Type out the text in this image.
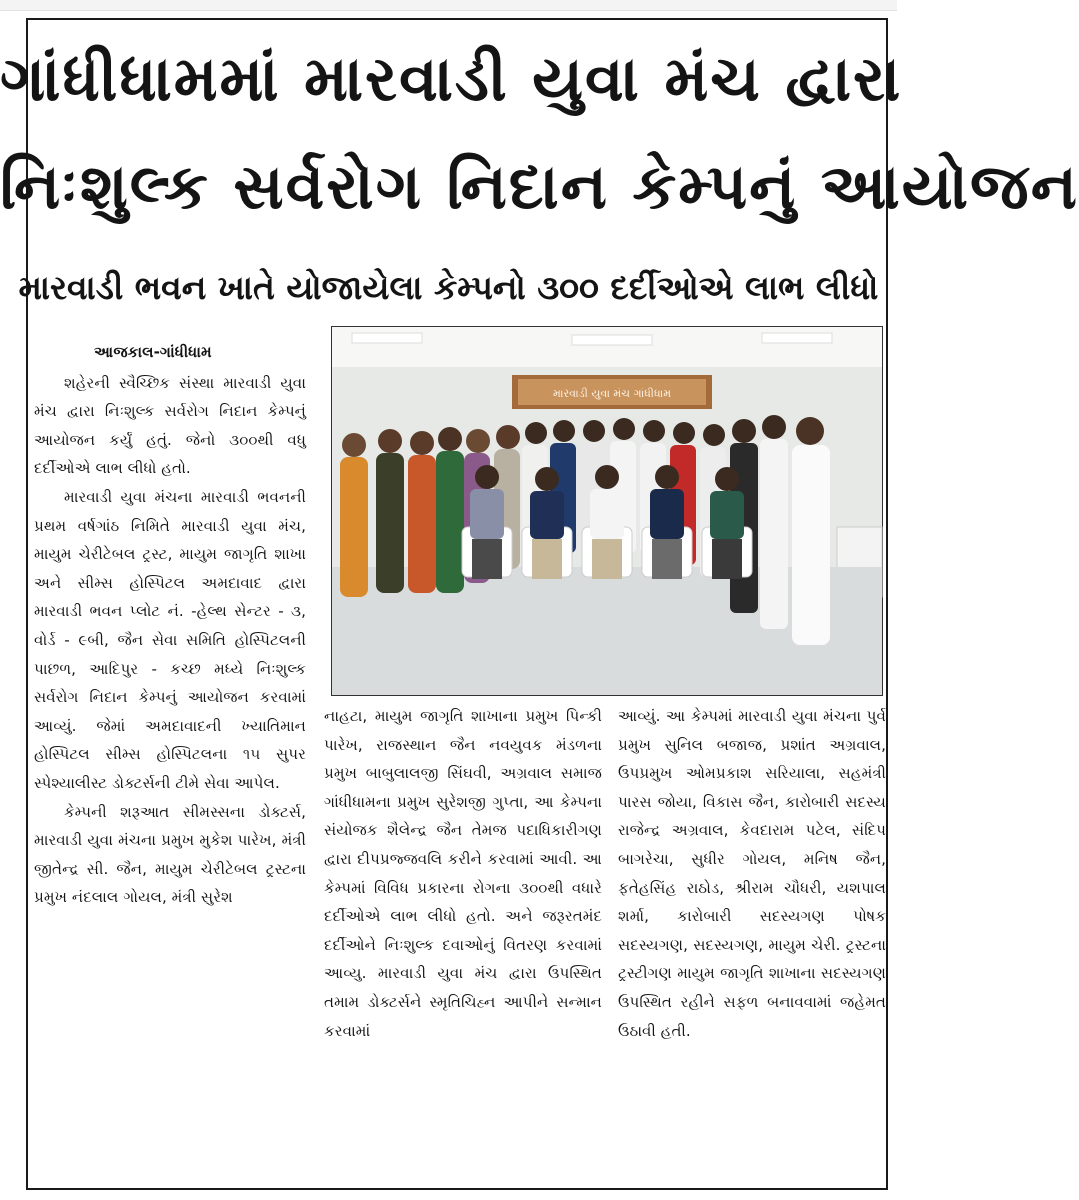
ગાંધીધામમાં મારવાડી યુવા મંચ દ્વારા
નિઃશુલ્ક સર્વરોગ નિદાન કેમ્પનું આયોજન
મારવાડી ભવન ખાતે યોજાયેલા કેમ્પનો ૩૦૦ દર્દીઓએ લાભ લીધો
આજકાલ-ગાંધીધામ

શહેરની સ્વૈચ્છિક સંસ્થા મારવાડી યુવા મંચ દ્વારા નિઃશુલ્ક સર્વરોગ નિદાન કેમ્પનું આયોજન કર્યું હતું. જેનો ૩૦૦થી વધુ દર્દીઓએ લાભ લીધો હતો.

મારવાડી યુવા મંચના મારવાડી ભવનની પ્રથમ વર્ષગાંઠ નિમિતે મારવાડી યુવા મંચ, માયુમ ચેરીટેબલ ટ્રસ્ટ, માયુમ જાગૃતિ શાખા અને સીમ્સ હોસ્પિટલ અમદાવાદ દ્વારા મારવાડી ભવન પ્લોટ નં. -હેલ્થ સેન્ટર - ૩, વોર્ડ - ૯બી, જૈન સેવા સમિતિ હોસ્પિટલની પાછળ, આદિપુર - કચ્છ મધ્યે નિઃશુલ્ક સર્વરોગ નિદાન કેમ્પનું આયોજન કરવામાં આવ્યું. જેમાં અમદાવાદની ખ્યાતિમાન હોસ્પિટલ સીમ્સ હોસ્પિટલના ૧૫ સુપર સ્પેશ્યાલીસ્ટ ડોક્ટર્સની ટીમે સેવા આપેલ.

કેમ્પની શરૂઆત સીમસ્સના ડોક્ટર્સ, મારવાડી યુવા મંચના પ્રમુખ મુકેશ પારેખ, મંત્રી જીતેન્દ્ર સી. જૈન, માયુમ ચેરીટેબલ ટ્રસ્ટના પ્રમુખ નંદલાલ ગોયલ, મંત્રી સુરેશ

મારવાડી યુવા મંચ ગાંધીધામ
નાહટા, માયુમ જાગૃતિ શાખાના પ્રમુખ પિન્કી પારેખ, રાજસ્થાન જૈન નવયુવક મંડળના પ્રમુખ બાબુલાલજી સિંઘવી, અગ્રવાલ સમાજ ગાંધીધામના પ્રમુખ સુરેશજી ગુપ્તા, આ કેમ્પના સંયોજક શૈલેન્દ્ર જૈન તેમજ પદાધિકારીગણ દ્વારા દીપપ્રજ્જવલિ કરીને કરવામાં આવી. આ કેમ્પમાં વિવિધ પ્રકારના રોગના ૩૦૦થી વધારે દર્દીઓએ લાભ લીધો હતો. અને જરૂરતમંદ દર્દીઓને નિઃશુલ્ક દવાઓનું વિતરણ કરવામાં આવ્યુ. મારવાડી યુવા મંચ દ્વારા ઉપસ્થિત તમામ ડોક્ટર્સને સ્મૃતિચિહ્ન આપીને સન્માન કરવામાં
આવ્યું. આ કેમ્પમાં મારવાડી યુવા મંચના પુર્વ પ્રમુખ સુનિલ બજાજ, પ્રશાંત અગ્રવાલ, ઉપપ્રમુખ ઓમપ્રકાશ સરિયાલા, સહમંત્રી પારસ જોયા, વિકાસ જૈન, કારોબારી સદસ્ય રાજેન્દ્ર અગ્રવાલ, કેવદારામ પટેલ, સંદિપ બાગરેચા, સુધીર ગોયલ, મનિષ જૈન, ફતેહસિંહ રાઠોડ, શ્રીરામ ચૌધરી, યશપાલ શર્મા, કારોબારી સદસ્યગણ પોષક સદસ્યગણ, સદસ્યગણ, માયુમ ચેરી. ટ્રસ્ટના ટ્રસ્ટીગણ માયુમ જાગૃતિ શાખાના સદસ્યગણ ઉપસ્થિત રહીને સફળ બનાવવામાં જહેમત ઉઠાવી હતી.
